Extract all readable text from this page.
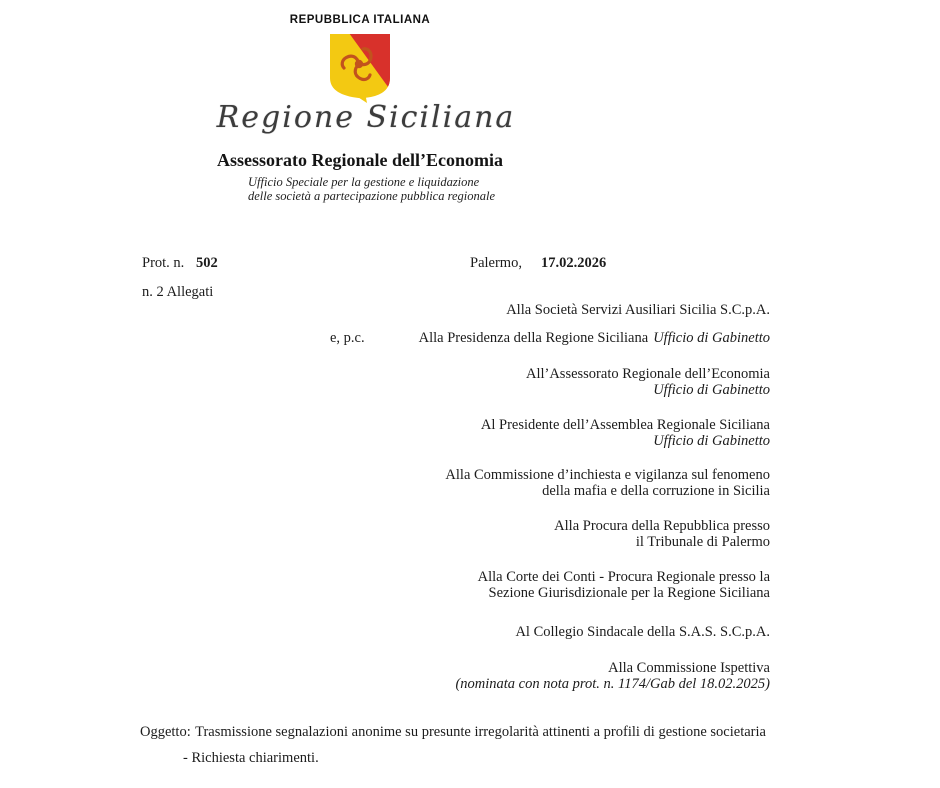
REPUBBLICA ITALIANA
Regione Siciliana
Assessorato Regionale dell’Economia
Ufficio Speciale per la gestione e liquidazione
delle società a partecipazione pubblica regionale
Prot. n. 502	Palermo, 17.02.2026
n. 2 Allegati
e, p.c.
Alla Società Servizi Ausiliari Sicilia S.C.p.A.
Alla Presidenza della Regione Siciliana Ufficio di Gabinetto
All’Assessorato Regionale dell’Economia
Ufficio di Gabinetto
Al Presidente dell’Assemblea Regionale Siciliana
Ufficio di Gabinetto
Alla Commissione d’inchiesta e vigilanza sul fenomeno
della mafia e della corruzione in Sicilia
Alla Procura della Repubblica presso
il Tribunale di Palermo
Alla Corte dei Conti - Procura Regionale presso la
Sezione Giurisdizionale per la Regione Siciliana
Al Collegio Sindacale della S.A.S. S.C.p.A.
Alla Commissione Ispettiva
(nominata con nota prot. n. 1174/Gab del 18.02.2025)
Oggetto: Trasmissione segnalazioni anonime su presunte irregolarità attinenti a profili di gestione societaria
- Richiesta chiarimenti.
